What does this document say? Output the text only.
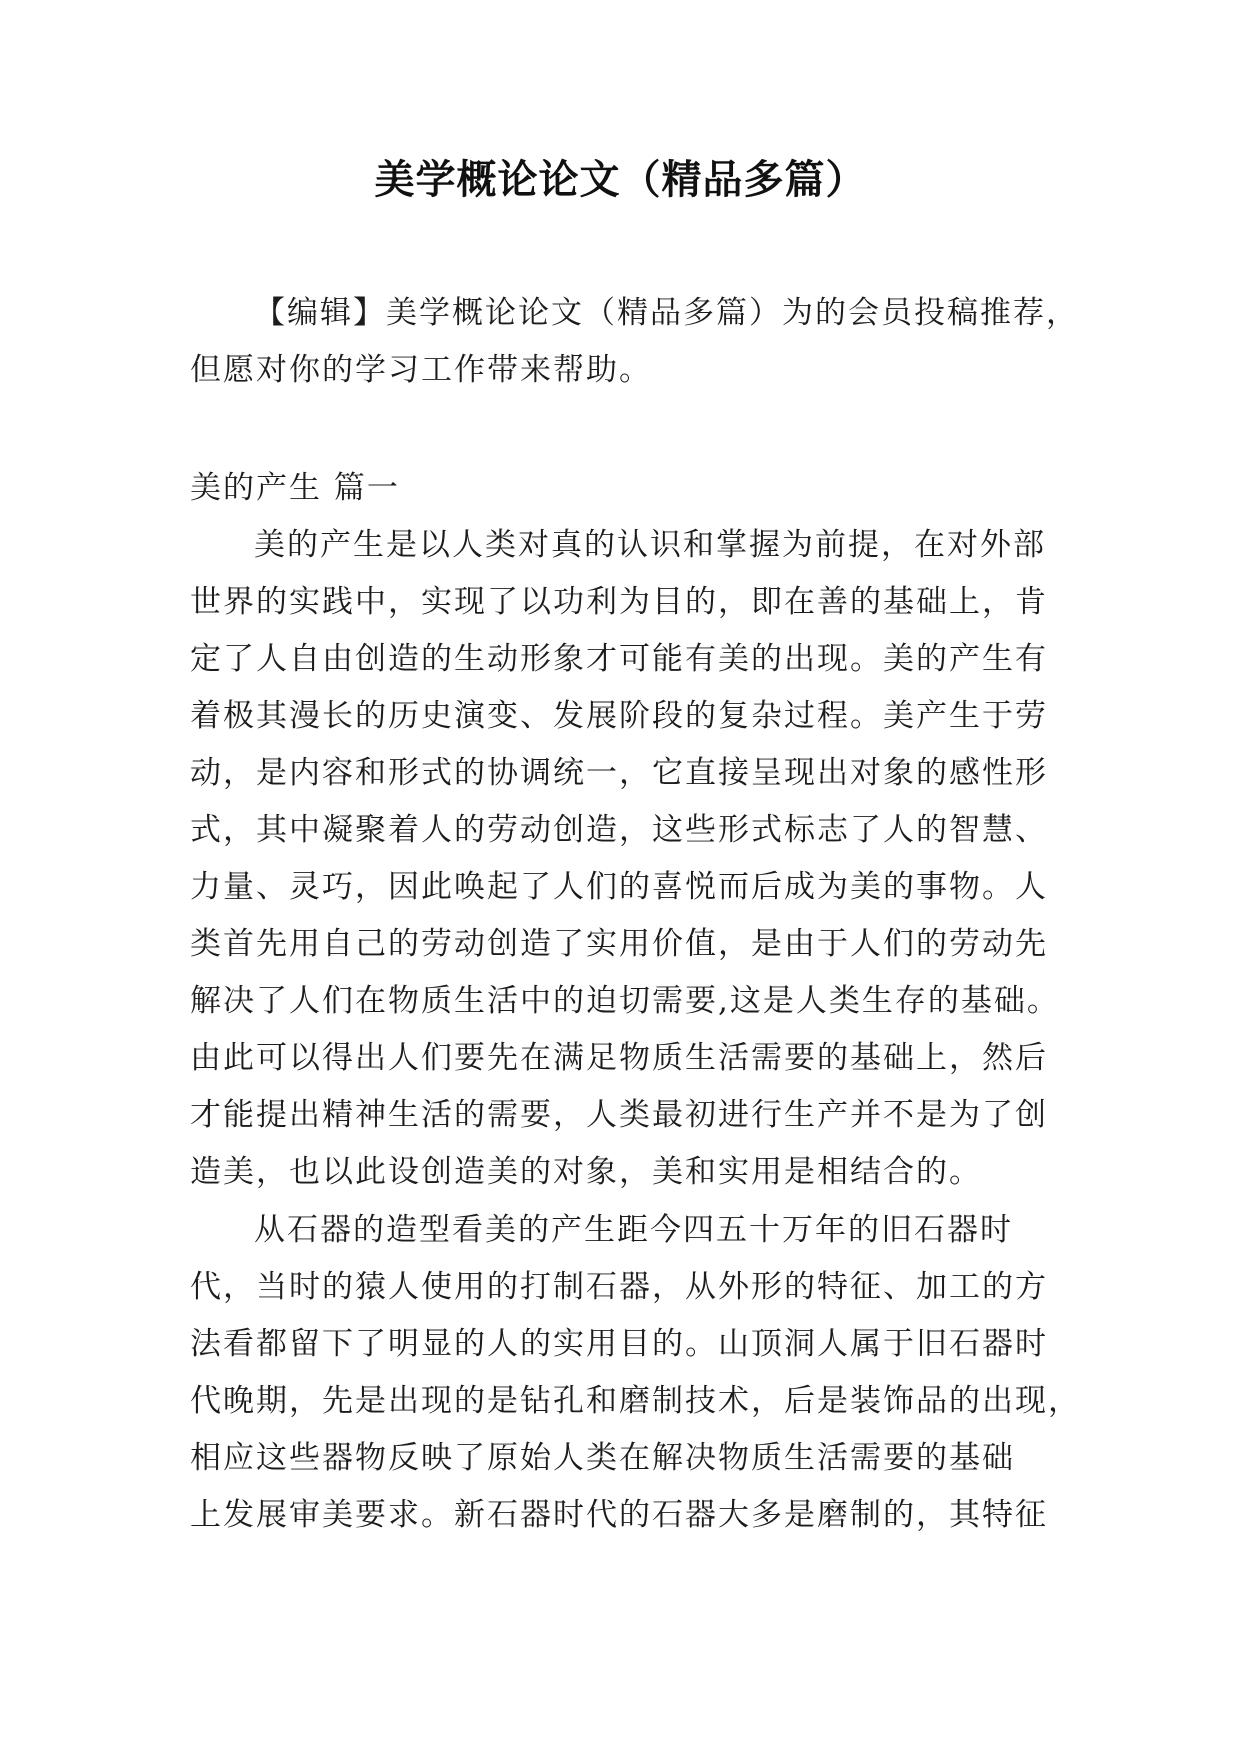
美学概论论文（精品多篇）
【编辑】美学概论论文（精品多篇）为的会员投稿推荐，
但愿对你的学习工作带来帮助。
美的产生 篇一
美的产生是以人类对真的认识和掌握为前提，在对外部
世界的实践中，实现了以功利为目的，即在善的基础上，肯
定了人自由创造的生动形象才可能有美的出现。美的产生有
着极其漫长的历史演变、发展阶段的复杂过程。美产生于劳
动，是内容和形式的协调统一，它直接呈现出对象的感性形
式，其中凝聚着人的劳动创造，这些形式标志了人的智慧、
力量、灵巧，因此唤起了人们的喜悦而后成为美的事物。人
类首先用自己的劳动创造了实用价值，是由于人们的劳动先
解决了人们在物质生活中的迫切需要,这是人类生存的基础。
由此可以得出人们要先在满足物质生活需要的基础上，然后
才能提出精神生活的需要，人类最初进行生产并不是为了创
造美，也以此设创造美的对象，美和实用是相结合的。
从石器的造型看美的产生距今四五十万年的旧石器时
代，当时的猿人使用的打制石器，从外形的特征、加工的方
法看都留下了明显的人的实用目的。山顶洞人属于旧石器时
代晚期，先是出现的是钻孔和磨制技术，后是装饰品的出现，
相应这些器物反映了原始人类在解决物质生活需要的基础
上发展审美要求。新石器时代的石器大多是磨制的，其特征
